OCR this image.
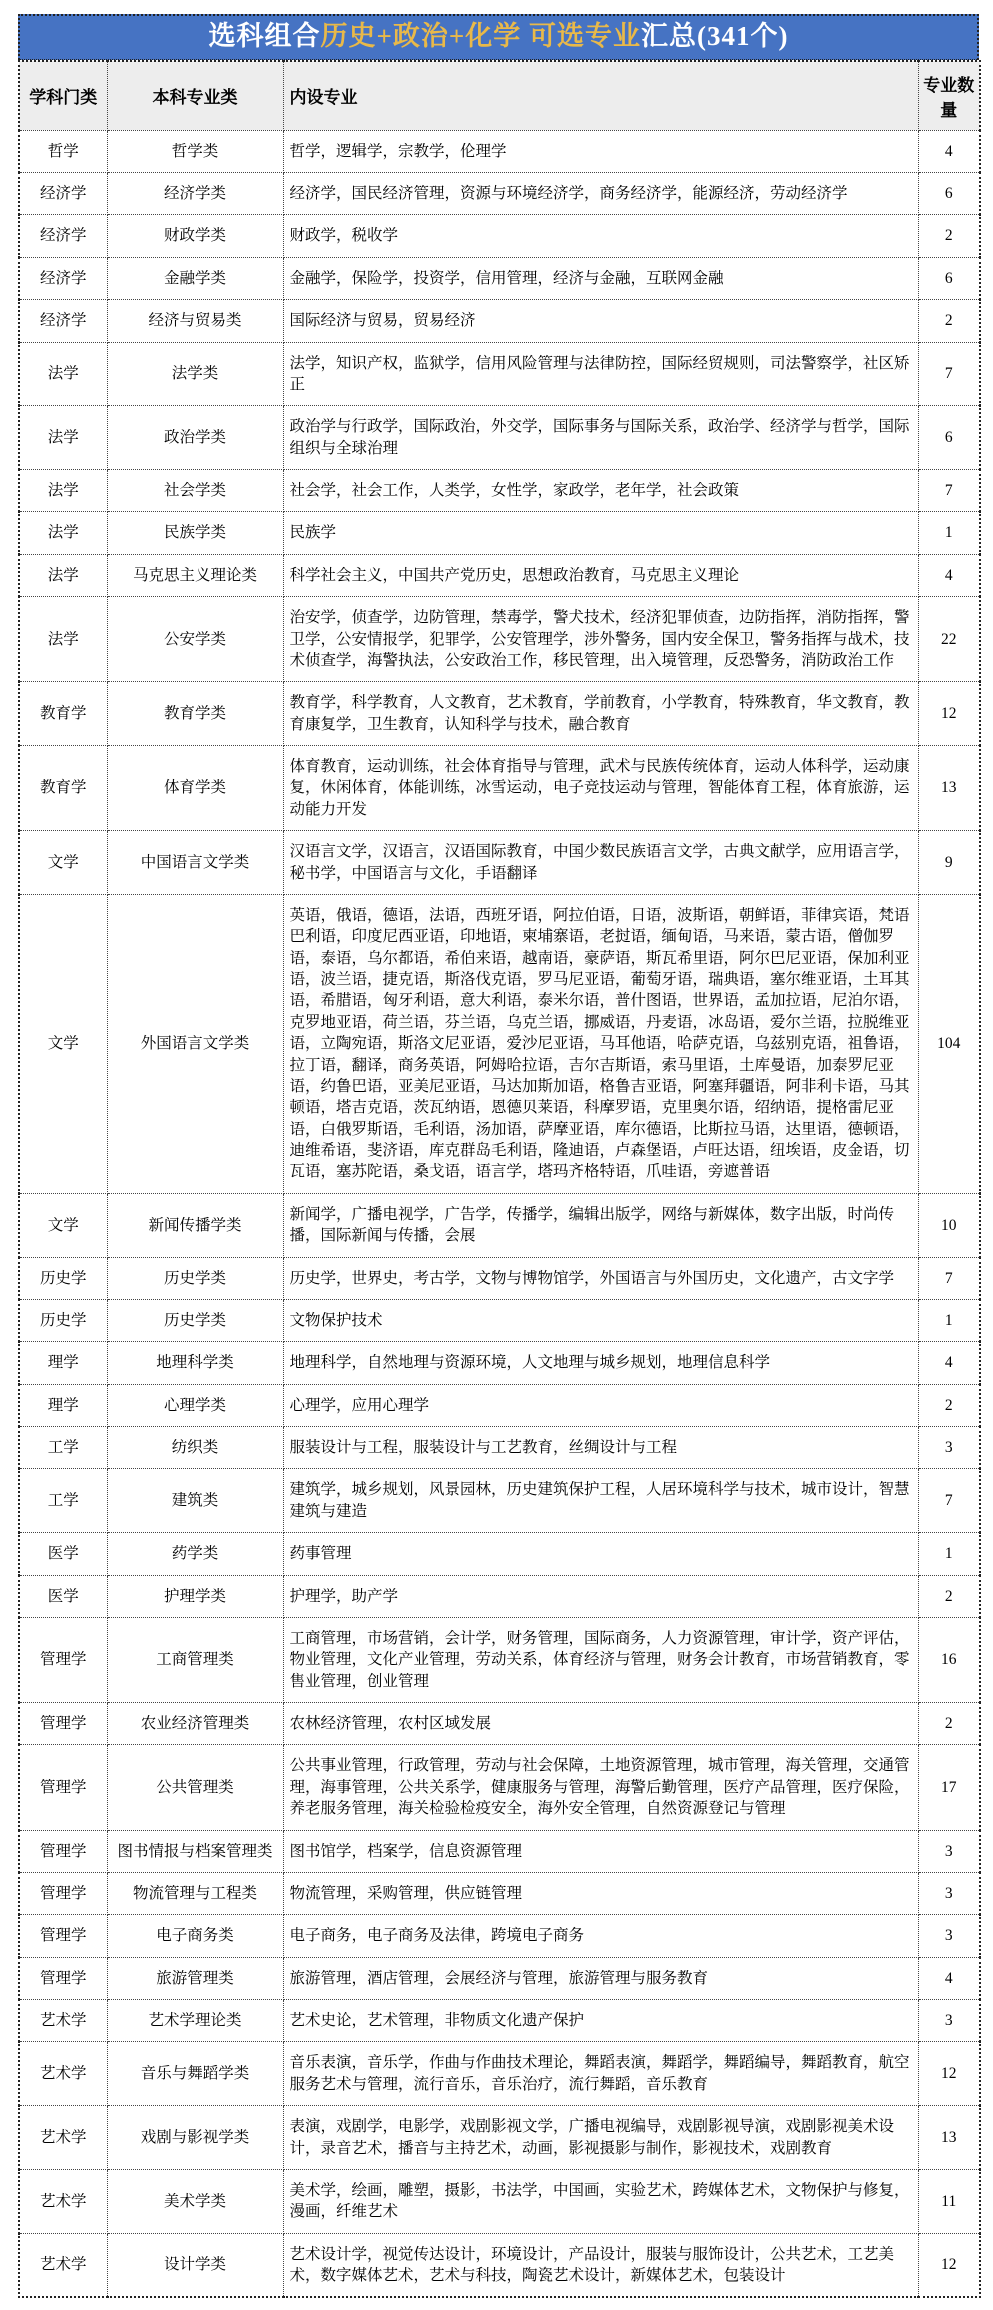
选科组合历史+政治+化学 可选专业汇总(341个)
学科门类	本科专业类	内设专业	专业数量
哲学	哲学类	哲学，逻辑学，宗教学，伦理学	4
经济学	经济学类	经济学，国民经济管理，资源与环境经济学，商务经济学，能源经济，劳动经济学	6
经济学	财政学类	财政学，税收学	2
经济学	金融学类	金融学，保险学，投资学，信用管理，经济与金融，互联网金融	6
经济学	经济与贸易类	国际经济与贸易，贸易经济	2
法学	法学类	法学，知识产权，监狱学，信用风险管理与法律防控，国际经贸规则，司法警察学，社区矫正	7
法学	政治学类	政治学与行政学，国际政治，外交学，国际事务与国际关系，政治学、经济学与哲学，国际组织与全球治理	6
法学	社会学类	社会学，社会工作，人类学，女性学，家政学，老年学，社会政策	7
法学	民族学类	民族学	1
法学	马克思主义理论类	科学社会主义，中国共产党历史，思想政治教育，马克思主义理论	4
法学	公安学类	治安学，侦查学，边防管理，禁毒学，警犬技术，经济犯罪侦查，边防指挥，消防指挥，警卫学，公安情报学，犯罪学，公安管理学，涉外警务，国内安全保卫，警务指挥与战术，技术侦查学，海警执法，公安政治工作，移民管理，出入境管理，反恐警务，消防政治工作	22
教育学	教育学类	教育学，科学教育，人文教育，艺术教育，学前教育，小学教育，特殊教育，华文教育，教育康复学，卫生教育，认知科学与技术，融合教育	12
教育学	体育学类	体育教育，运动训练，社会体育指导与管理，武术与民族传统体育，运动人体科学，运动康复，休闲体育，体能训练，冰雪运动，电子竞技运动与管理，智能体育工程，体育旅游，运动能力开发	13
文学	中国语言文学类	汉语言文学，汉语言，汉语国际教育，中国少数民族语言文学，古典文献学，应用语言学，秘书学，中国语言与文化，手语翻译	9
文学	外国语言文学类	英语，俄语，德语，法语，西班牙语，阿拉伯语，日语，波斯语，朝鲜语，菲律宾语，梵语巴利语，印度尼西亚语，印地语，柬埔寨语，老挝语，缅甸语，马来语，蒙古语，僧伽罗语，泰语，乌尔都语，希伯来语，越南语，豪萨语，斯瓦希里语，阿尔巴尼亚语，保加利亚语，波兰语，捷克语，斯洛伐克语，罗马尼亚语，葡萄牙语，瑞典语，塞尔维亚语，土耳其语，希腊语，匈牙利语，意大利语，泰米尔语，普什图语，世界语，孟加拉语，尼泊尔语，克罗地亚语，荷兰语，芬兰语，乌克兰语，挪威语，丹麦语，冰岛语，爱尔兰语，拉脱维亚语，立陶宛语，斯洛文尼亚语，爱沙尼亚语，马耳他语，哈萨克语，乌兹别克语，祖鲁语，拉丁语，翻译，商务英语，阿姆哈拉语，吉尔吉斯语，索马里语，土库曼语，加泰罗尼亚语，约鲁巴语，亚美尼亚语，马达加斯加语，格鲁吉亚语，阿塞拜疆语，阿非利卡语，马其顿语，塔吉克语，茨瓦纳语，恩德贝莱语，科摩罗语，克里奥尔语，绍纳语，提格雷尼亚语，白俄罗斯语，毛利语，汤加语，萨摩亚语，库尔德语，比斯拉马语，达里语，德顿语，迪维希语，斐济语，库克群岛毛利语，隆迪语，卢森堡语，卢旺达语，纽埃语，皮金语，切瓦语，塞苏陀语，桑戈语，语言学，塔玛齐格特语，爪哇语，旁遮普语	104
文学	新闻传播学类	新闻学，广播电视学，广告学，传播学，编辑出版学，网络与新媒体，数字出版，时尚传播，国际新闻与传播，会展	10
历史学	历史学类	历史学，世界史，考古学，文物与博物馆学，外国语言与外国历史，文化遗产，古文字学	7
历史学	历史学类	文物保护技术	1
理学	地理科学类	地理科学，自然地理与资源环境，人文地理与城乡规划，地理信息科学	4
理学	心理学类	心理学，应用心理学	2
工学	纺织类	服装设计与工程，服装设计与工艺教育，丝绸设计与工程	3
工学	建筑类	建筑学，城乡规划，风景园林，历史建筑保护工程，人居环境科学与技术，城市设计，智慧建筑与建造	7
医学	药学类	药事管理	1
医学	护理学类	护理学，助产学	2
管理学	工商管理类	工商管理，市场营销，会计学，财务管理，国际商务，人力资源管理，审计学，资产评估，物业管理，文化产业管理，劳动关系，体育经济与管理，财务会计教育，市场营销教育，零售业管理，创业管理	16
管理学	农业经济管理类	农林经济管理，农村区域发展	2
管理学	公共管理类	公共事业管理，行政管理，劳动与社会保障，土地资源管理，城市管理，海关管理，交通管理，海事管理，公共关系学，健康服务与管理，海警后勤管理，医疗产品管理，医疗保险，养老服务管理，海关检验检疫安全，海外安全管理，自然资源登记与管理	17
管理学	图书情报与档案管理类	图书馆学，档案学，信息资源管理	3
管理学	物流管理与工程类	物流管理，采购管理，供应链管理	3
管理学	电子商务类	电子商务，电子商务及法律，跨境电子商务	3
管理学	旅游管理类	旅游管理，酒店管理，会展经济与管理，旅游管理与服务教育	4
艺术学	艺术学理论类	艺术史论，艺术管理，非物质文化遗产保护	3
艺术学	音乐与舞蹈学类	音乐表演，音乐学，作曲与作曲技术理论，舞蹈表演，舞蹈学，舞蹈编导，舞蹈教育，航空服务艺术与管理，流行音乐，音乐治疗，流行舞蹈，音乐教育	12
艺术学	戏剧与影视学类	表演，戏剧学，电影学，戏剧影视文学，广播电视编导，戏剧影视导演，戏剧影视美术设计，录音艺术，播音与主持艺术，动画，影视摄影与制作，影视技术，戏剧教育	13
艺术学	美术学类	美术学，绘画，雕塑，摄影，书法学，中国画，实验艺术，跨媒体艺术，文物保护与修复，漫画，纤维艺术	11
艺术学	设计学类	艺术设计学，视觉传达设计，环境设计，产品设计，服装与服饰设计，公共艺术，工艺美术，数字媒体艺术，艺术与科技，陶瓷艺术设计，新媒体艺术，包装设计	12
